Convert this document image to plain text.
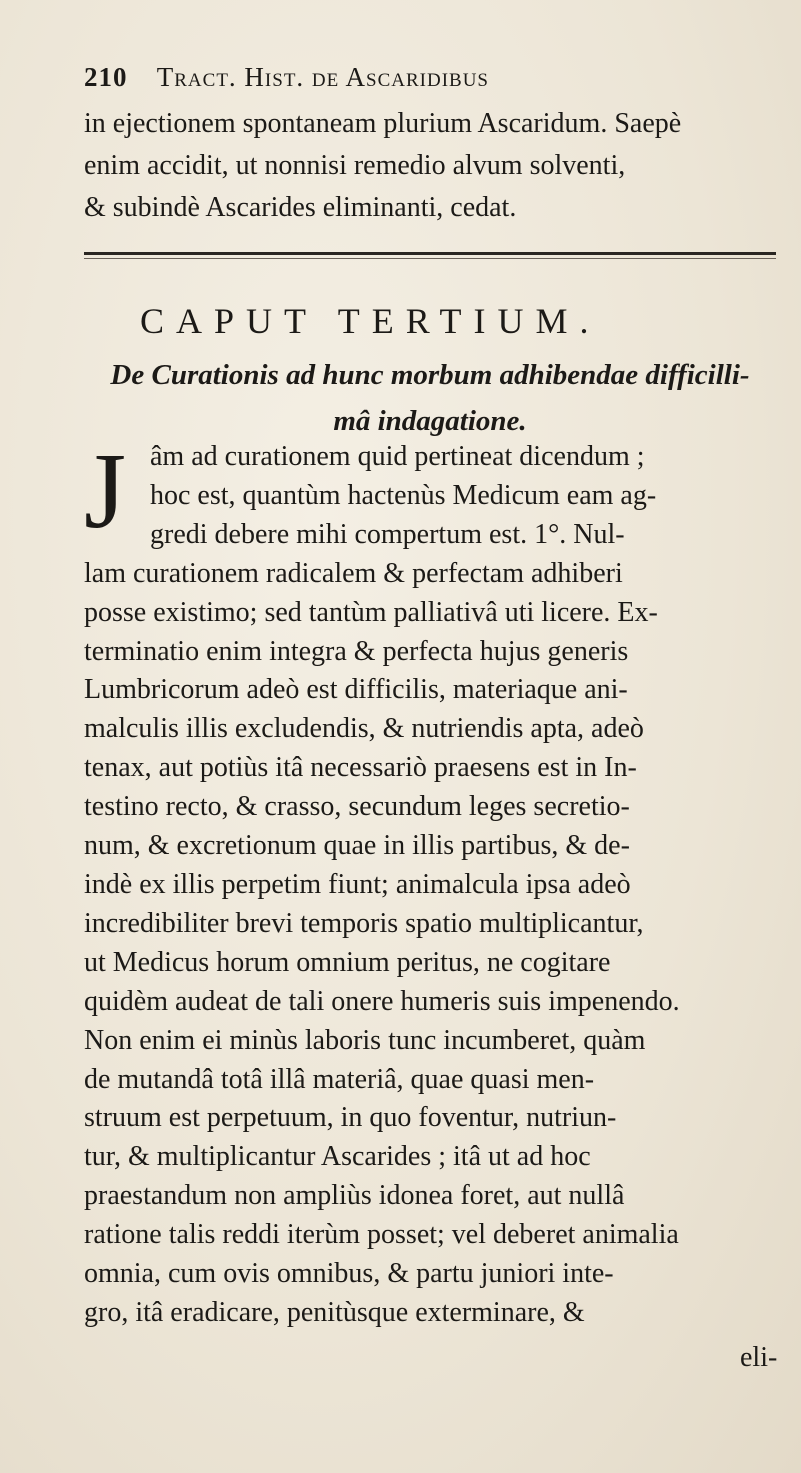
210 Tract. Hist. de Ascaridibus
in ejectionem spontaneam plurium Ascaridum. Saepè
enim accidit, ut nonnisi remedio alvum solventi,
& subindè Ascarides eliminanti, cedat.
CAPUT TERTIUM.
De Curationis ad hunc morbum adhibendae difficilli-
mâ indagatione.
J âm ad curationem quid pertineat dicendum ;
hoc est, quantùm hactenùs Medicum eam ag-
gredi debere mihi compertum est. 1°. Nul-
lam curationem radicalem & perfectam adhiberi
posse existimo; sed tantùm palliativâ uti licere. Ex-
terminatio enim integra & perfecta hujus generis
Lumbricorum adeò est difficilis, materiaque ani-
malculis illis excludendis, & nutriendis apta, adeò
tenax, aut potiùs itâ necessariò praesens est in In-
testino recto, & crasso, secundum leges secretio-
num, & excretionum quae in illis partibus, & de-
indè ex illis perpetim fiunt; animalcula ipsa adeò
incredibiliter brevi temporis spatio multiplicantur,
ut Medicus horum omnium peritus, ne cogitare
quidèm audeat de tali onere humeris suis impenendo.
Non enim ei minùs laboris tunc incumberet, quàm
de mutandâ totâ illâ materiâ, quae quasi men-
struum est perpetuum, in quo foventur, nutriun-
tur, & multiplicantur Ascarides ; itâ ut ad hoc
praestandum non ampliùs idonea foret, aut nullâ
ratione talis reddi iterùm posset; vel deberet animalia
omnia, cum ovis omnibus, & partu juniori inte-
gro, itâ eradicare, penitùsque exterminare, &
eli-
